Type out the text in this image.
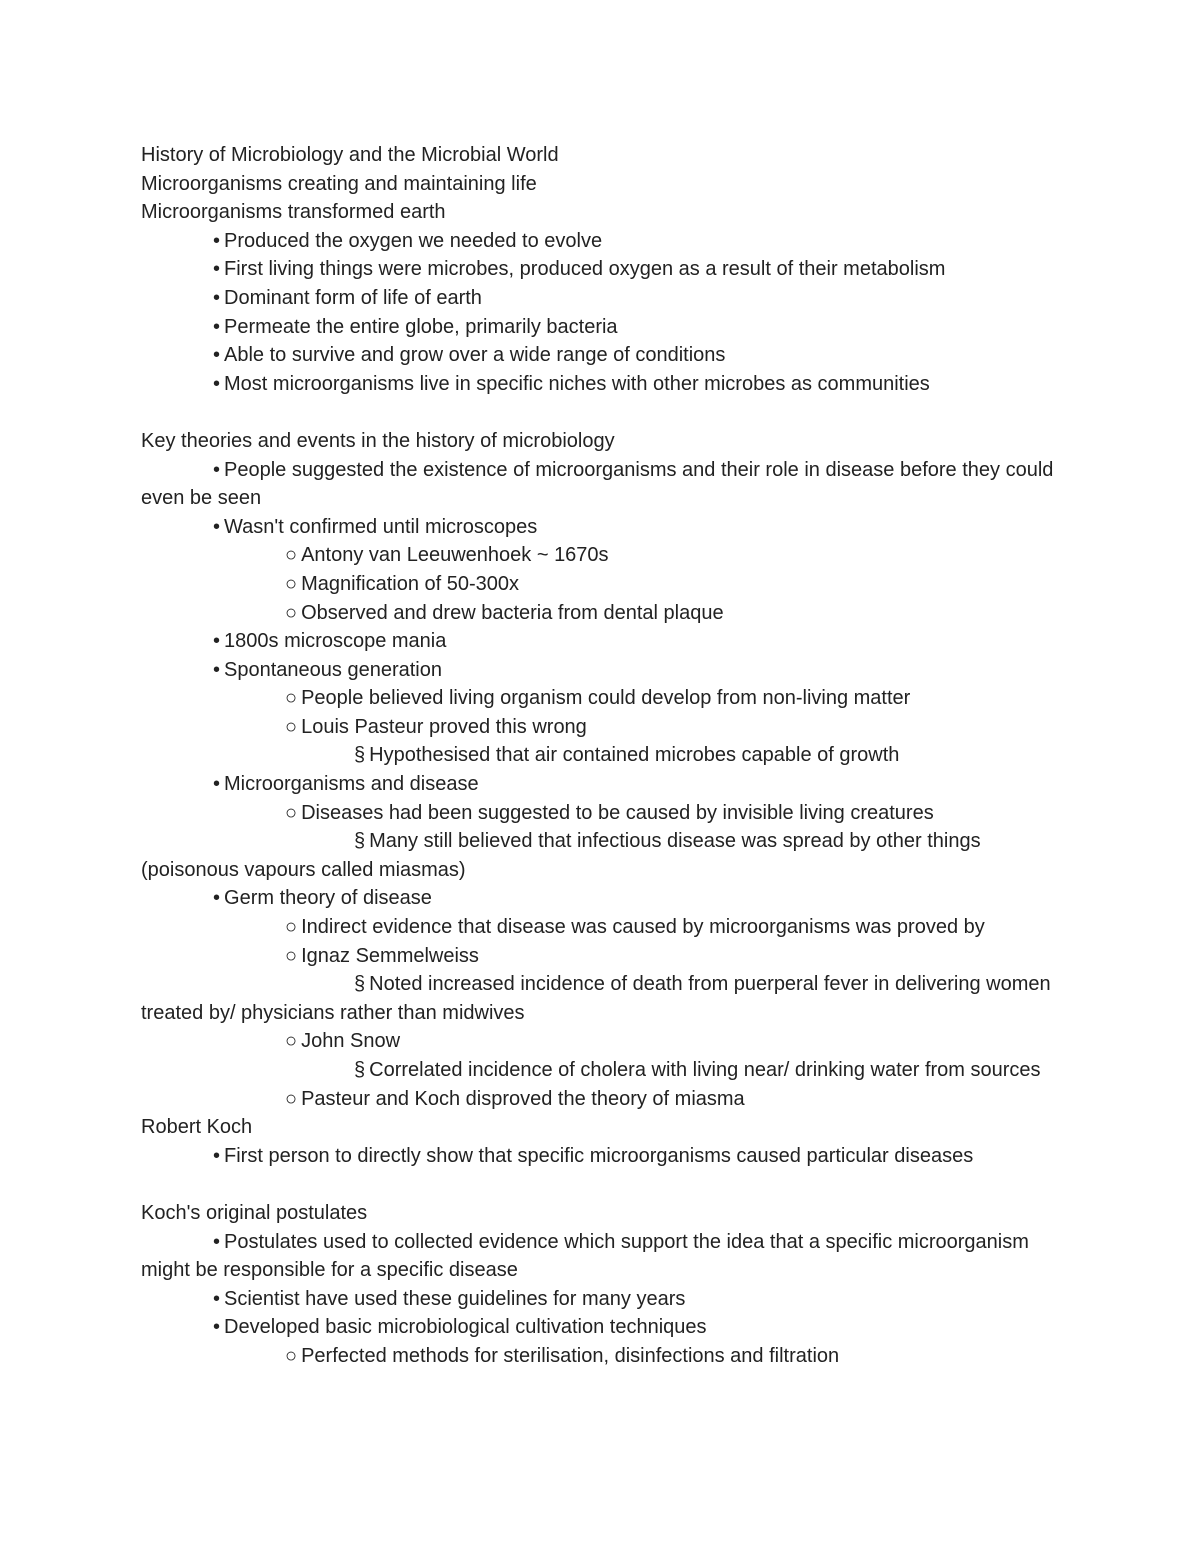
History of Microbiology and the Microbial World

Microorganisms creating and maintaining life

Microorganisms transformed earth

• Produced the oxygen we needed to evolve

• First living things were microbes, produced oxygen as a result of their metabolism

• Dominant form of life of earth

• Permeate the entire globe, primarily bacteria

• Able to survive and grow over a wide range of conditions

• Most microorganisms live in specific niches with other microbes as communities

Key theories and events in the history of microbiology

• People suggested the existence of microorganisms and their role in disease before they could even be seen

• Wasn't confirmed until microscopes

○ Antony van Leeuwenhoek ~ 1670s

○ Magnification of 50-300x

○ Observed and drew bacteria from dental plaque

• 1800s microscope mania

• Spontaneous generation

○ People believed living organism could develop from non-living matter

○ Louis Pasteur proved this wrong

§ Hypothesised that air contained microbes capable of growth

• Microorganisms and disease

○ Diseases had been suggested to be caused by invisible living creatures

§ Many still believed that infectious disease was spread by other things (poisonous vapours called miasmas)

• Germ theory of disease

○ Indirect evidence that disease was caused by microorganisms was proved by

○ Ignaz Semmelweiss

§ Noted increased incidence of death from puerperal fever in delivering women treated by/ physicians rather than midwives

○ John Snow

§ Correlated incidence of cholera with living near/ drinking water from sources

○ Pasteur and Koch disproved the theory of miasma

Robert Koch

• First person to directly show that specific microorganisms caused particular diseases

Koch's original postulates

• Postulates used to collected evidence which support the idea that a specific microorganism might be responsible for a specific disease

• Scientist have used these guidelines for many years

• Developed basic microbiological cultivation techniques

○ Perfected methods for sterilisation, disinfections and filtration
